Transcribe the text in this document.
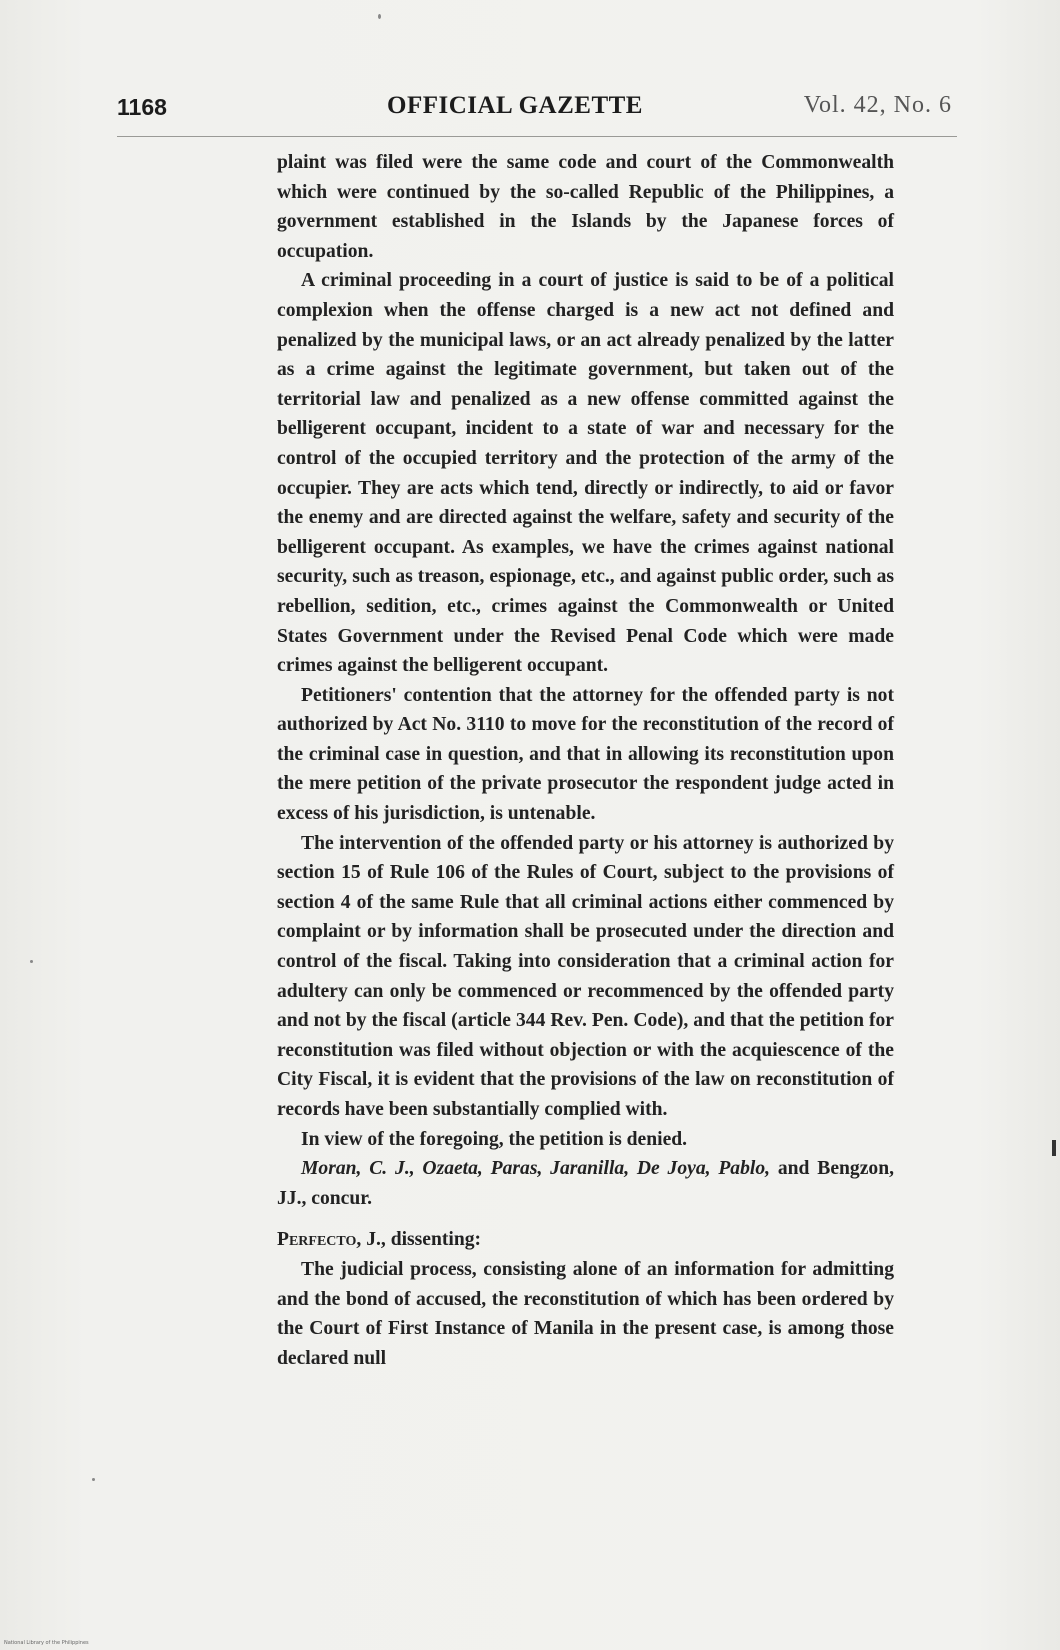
1168	OFFICIAL GAZETTE	Vol. 42, No. 6

plaint was filed were the same code and court of the Commonwealth which were continued by the so-called Republic of the Philippines, a government established in the Islands by the Japanese forces of occupation.

A criminal proceeding in a court of justice is said to be of a political complexion when the offense charged is a new act not defined and penalized by the municipal laws, or an act already penalized by the latter as a crime against the legitimate government, but taken out of the territorial law and penalized as a new offense committed against the belligerent occupant, incident to a state of war and necessary for the control of the occupied territory and the protection of the army of the occupier. They are acts which tend, directly or indirectly, to aid or favor the enemy and are directed against the welfare, safety and security of the belligerent occupant. As examples, we have the crimes against national security, such as treason, espionage, etc., and against public order, such as rebellion, sedition, etc., crimes against the Commonwealth or United States Government under the Revised Penal Code which were made crimes against the belligerent occupant.

Petitioners' contention that the attorney for the offended party is not authorized by Act No. 3110 to move for the reconstitution of the record of the criminal case in question, and that in allowing its reconstitution upon the mere petition of the private prosecutor the respondent judge acted in excess of his jurisdiction, is untenable.

The intervention of the offended party or his attorney is authorized by section 15 of Rule 106 of the Rules of Court, subject to the provisions of section 4 of the same Rule that all criminal actions either commenced by complaint or by information shall be prosecuted under the direction and control of the fiscal. Taking into consideration that a criminal action for adultery can only be commenced or recommenced by the offended party and not by the fiscal (article 344 Rev. Pen. Code), and that the petition for reconstitution was filed without objection or with the acquiescence of the City Fiscal, it is evident that the provisions of the law on reconstitution of records have been substantially complied with.

In view of the foregoing, the petition is denied.

Moran, C. J., Ozaeta, Paras, Jaranilla, De Joya, Pablo, and Bengzon, JJ., concur.

Perfecto, J., dissenting:

The judicial process, consisting alone of an information for admitting and the bond of accused, the reconstitution of which has been ordered by the Court of First Instance of Manila in the present case, is among those declared null

National Library of the Philippines
